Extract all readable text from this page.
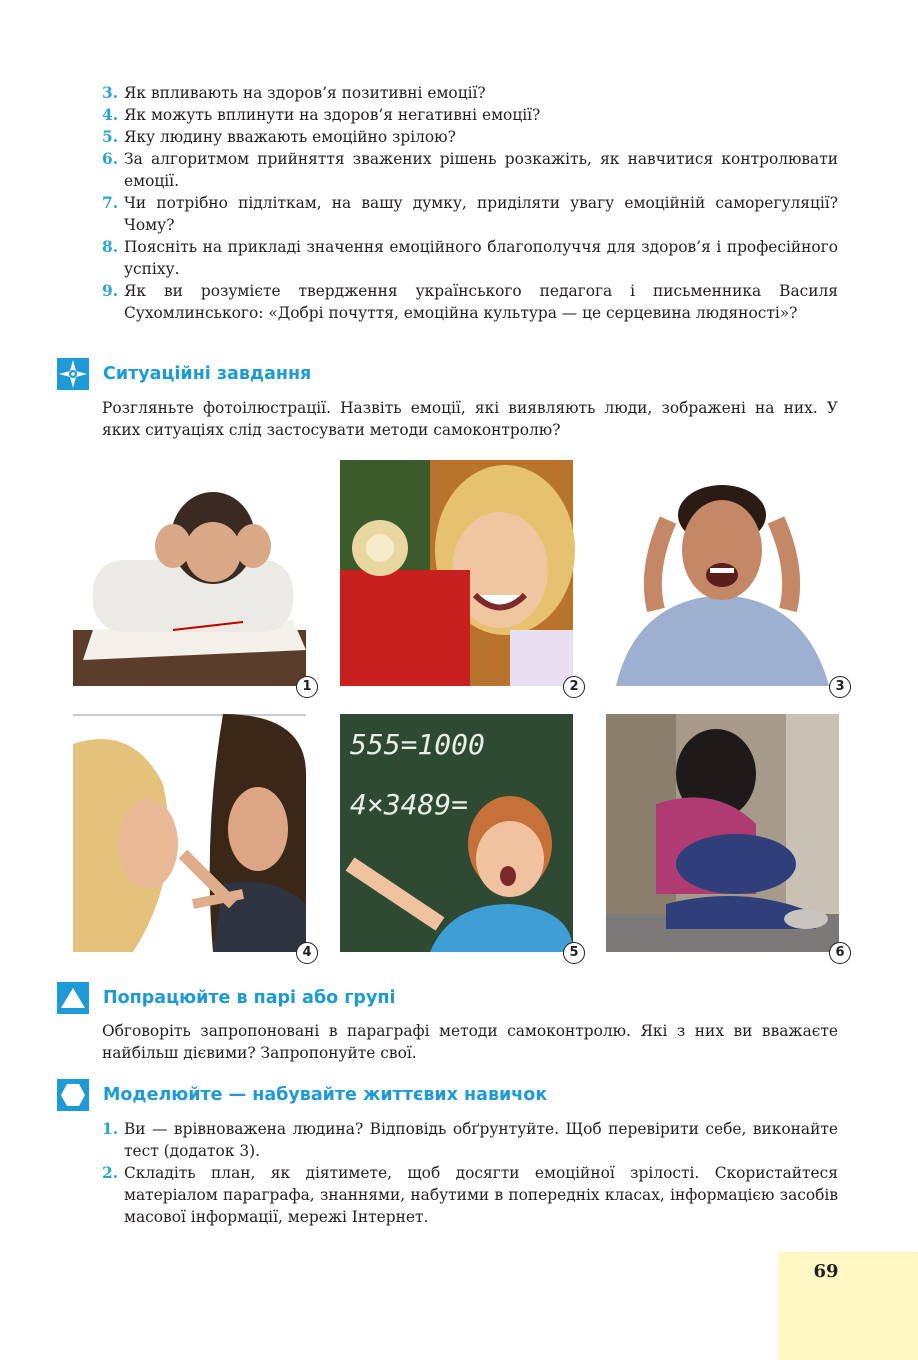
3. Як впливають на здоров’я позитивні емоції?
4. Як можуть вплинути на здоров’я негативні емоції?
5. Яку людину вважають емоційно зрілою?
6. За алгоритмом прийняття зважених рішень розкажіть, як навчитися контролювати емоції.
7. Чи потрібно підліткам, на вашу думку, приділяти увагу емоційній саморегуляції? Чому?
8. Поясніть на прикладі значення емоційного благополуччя для здоров’я і професійного успіху.
9. Як ви розумієте твердження українського педагога і письменника Василя Сухомлинського: «Добрі почуття, емоційна культура — це серцевина людяності»?
Ситуаційні завдання

Розгляньте фотоілюстрації. Назвіть емоції, які виявляють люди, зображені на них. У яких ситуаціях слід застосувати методи самоконтролю?

1	2	3
4
555=1000
4×3489=
5	6
Попрацюйте в парі або групі

Обговоріть запропоновані в параграфі методи самоконтролю. Які з них ви вважаєте найбільш дієвими? Запропонуйте свої.

Моделюйте — набувайте життєвих навичок
1. Ви — врівноважена людина? Відповідь обґрунтуйте. Щоб перевірити себе, виконайте тест (додаток 3).
2. Складіть план, як діятимете, щоб досягти емоційної зрілості. Скористайтеся матеріалом параграфа, знаннями, набутими в попередніх класах, інформацією засобів масової інформації, мережі Інтернет.
69
